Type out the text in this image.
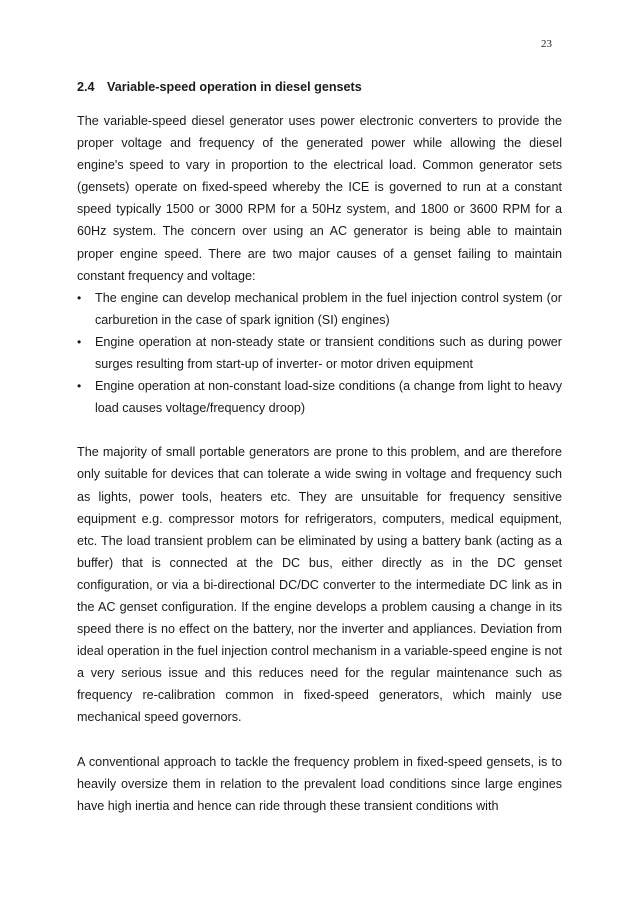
23
2.4 Variable-speed operation in diesel gensets

The variable-speed diesel generator uses power electronic converters to provide the proper voltage and frequency of the generated power while allowing the diesel engine's speed to vary in proportion to the electrical load. Common generator sets (gensets) operate on fixed-speed whereby the ICE is governed to run at a constant speed typically 1500 or 3000 RPM for a 50Hz system, and 1800 or 3600 RPM for a 60Hz system. The concern over using an AC generator is being able to maintain proper engine speed. There are two major causes of a genset failing to maintain constant frequency and voltage:

• The engine can develop mechanical problem in the fuel injection control system (or carburetion in the case of spark ignition (SI) engines)
• Engine operation at non-steady state or transient conditions such as during power surges resulting from start-up of inverter- or motor driven equipment
• Engine operation at non-constant load-size conditions (a change from light to heavy load causes voltage/frequency droop)

The majority of small portable generators are prone to this problem, and are therefore only suitable for devices that can tolerate a wide swing in voltage and frequency such as lights, power tools, heaters etc. They are unsuitable for frequency sensitive equipment e.g. compressor motors for refrigerators, computers, medical equipment, etc. The load transient problem can be eliminated by using a battery bank (acting as a buffer) that is connected at the DC bus, either directly as in the DC genset configuration, or via a bi-directional DC/DC converter to the intermediate DC link as in the AC genset configuration. If the engine develops a problem causing a change in its speed there is no effect on the battery, nor the inverter and appliances. Deviation from ideal operation in the fuel injection control mechanism in a variable-speed engine is not a very serious issue and this reduces need for the regular maintenance such as frequency re-calibration common in fixed-speed generators, which mainly use mechanical speed governors.

A conventional approach to tackle the frequency problem in fixed-speed gensets, is to heavily oversize them in relation to the prevalent load conditions since large engines have high inertia and hence can ride through these transient conditions with
